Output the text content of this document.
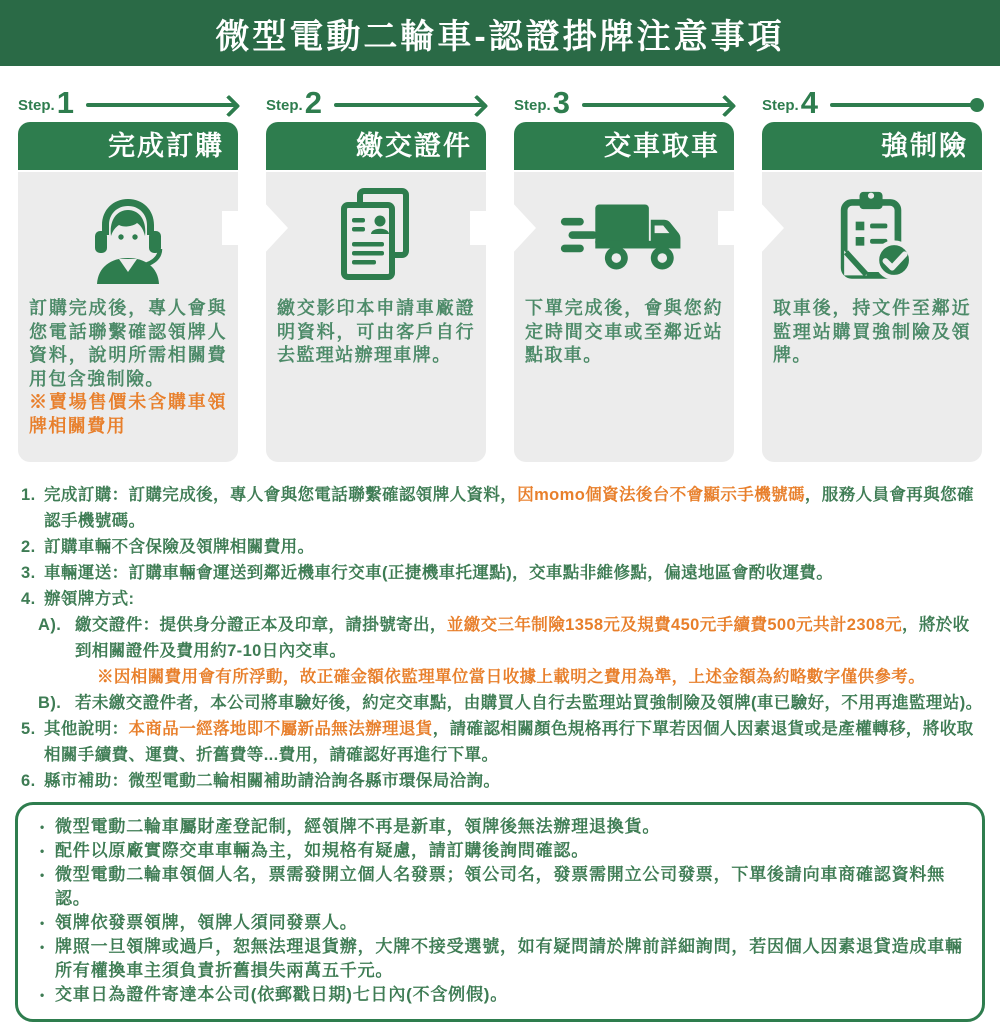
微型電動二輪車-認證掛牌注意事項
Step. 1
完成訂購

訂購完成後，專人會與您電話聯繫確認領牌人資料，說明所需相關費用包含強制險。

※賣場售價未含購車領牌相關費用

Step. 2
繳交證件

繳交影印本申請車廠證明資料，可由客戶自行去監理站辦理車牌。

Step. 3
交車取車

下單完成後，會與您約定時間交車或至鄰近站點取車。

Step. 4
強制險

取車後，持文件至鄰近監理站購買強制險及領牌。

1. 完成訂購：訂購完成後，專人會與您電話聯繫確認領牌人資料，因momo個資法後台不會顯示手機號碼，服務人員會再與您確認手機號碼。
2. 訂購車輛不含保險及領牌相關費用。
3. 車輛運送：訂購車輛會運送到鄰近機車行交車(正捷機車托運點)，交車點非維修點，偏遠地區會酌收運費。
4. 辦領牌方式:
A). 繳交證件：提供身分證正本及印章，請掛號寄出，並繳交三年制險1358元及規費450元手續費500元共計2308元，將於收到相關證件及費用約7-10日內交車。
※因相關費用會有所浮動，故正確金額依監理單位當日收據上載明之費用為準，上述金額為約略數字僅供參考。
B). 若未繳交證件者，本公司將車驗好後，約定交車點，由購買人自行去監理站買強制險及領牌(車已驗好，不用再進監理站)。
5. 其他說明：本商品一經落地即不屬新品無法辦理退貨，請確認相關顏色規格再行下單若因個人因素退貨或是產權轉移，將收取相關手續費、運費、折舊費等...費用，請確認好再進行下單。
6. 縣市補助：微型電動二輪相關補助請洽詢各縣市環保局洽詢。
• 微型電動二輪車屬財產登記制，經領牌不再是新車，領牌後無法辦理退換貨。
• 配件以原廠實際交車車輛為主，如規格有疑慮，請訂購後詢問確認。
• 微型電動二輪車領個人名，票需發開立個人名發票；領公司名，發票需開立公司發票，下單後請向車商確認資料無認。
• 領牌依發票領牌，領牌人須同發票人。
• 牌照一旦領牌或過戶，恕無法理退貨辦，大牌不接受選號，如有疑問請於牌前詳細詢問，若因個人因素退貸造成車輛所有權換車主須負責折舊損失兩萬五千元。
• 交車日為證件寄達本公司(依郵戳日期)七日內(不含例假)。
